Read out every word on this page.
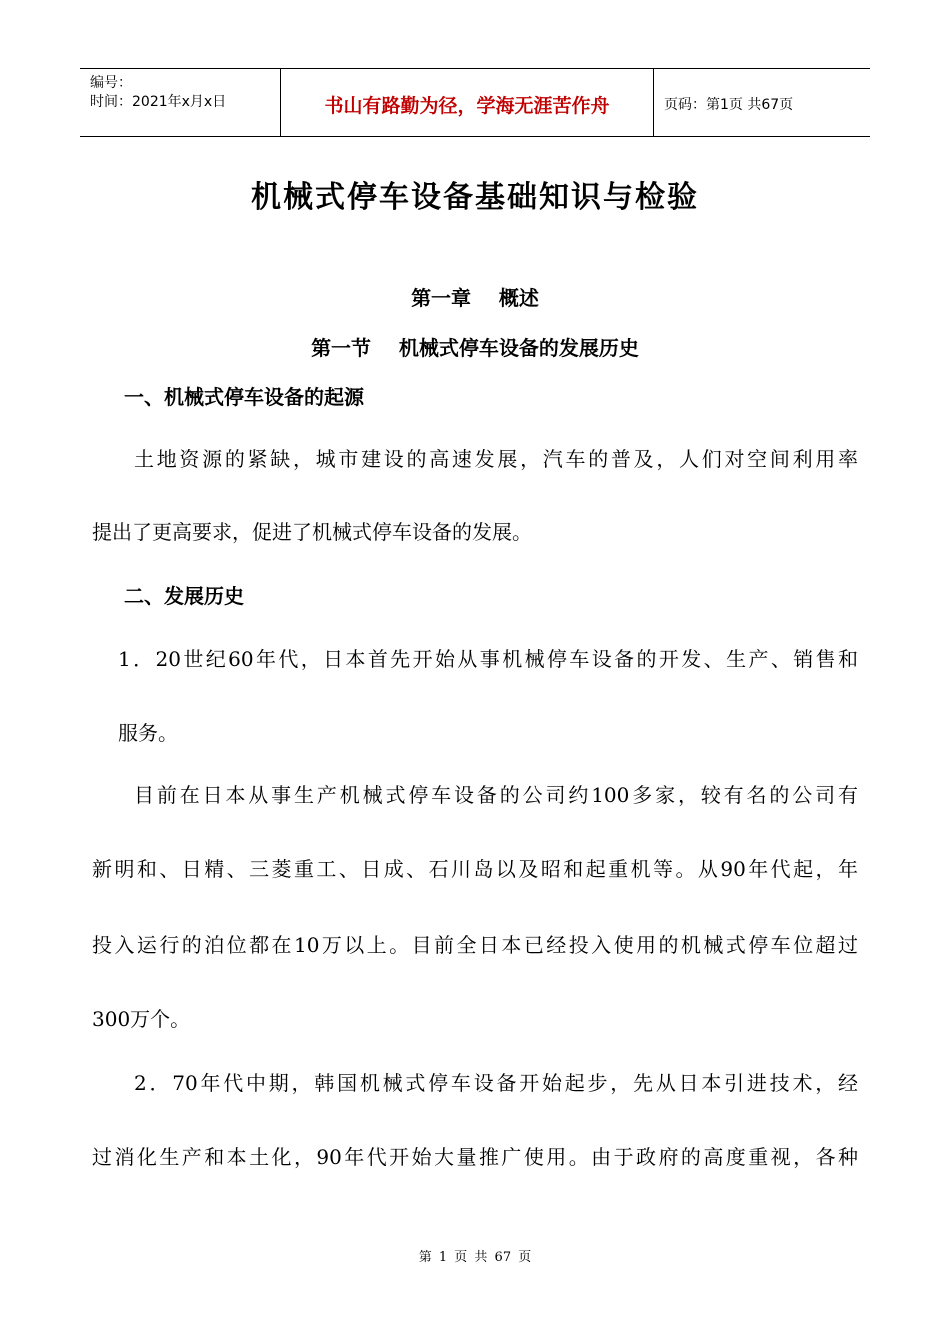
编号：
时间：2021年x月x日	书山有路勤为径，学海无涯苦作舟	页码：第1页 共67页
机械式停车设备基础知识与检验
第一章    概述
第一节    机械式停车设备的发展历史
一、机械式停车设备的起源
土地资源的紧缺，城市建设的高速发展，汽车的普及，人们对空间利用率
提出了更高要求，促进了机械式停车设备的发展。
二、发展历史
1．20世纪60年代，日本首先开始从事机械停车设备的开发、生产、销售和
服务。
目前在日本从事生产机械式停车设备的公司约100多家，较有名的公司有
新明和、日精、三菱重工、日成、石川岛以及昭和起重机等。从90年代起，年
投入运行的泊位都在10万以上。目前全日本已经投入使用的机械式停车位超过
300万个。
2．70年代中期，韩国机械式停车设备开始起步，先从日本引进技术，经
过消化生产和本土化，90年代开始大量推广使用。由于政府的高度重视，各种
第 1 页 共 67 页
